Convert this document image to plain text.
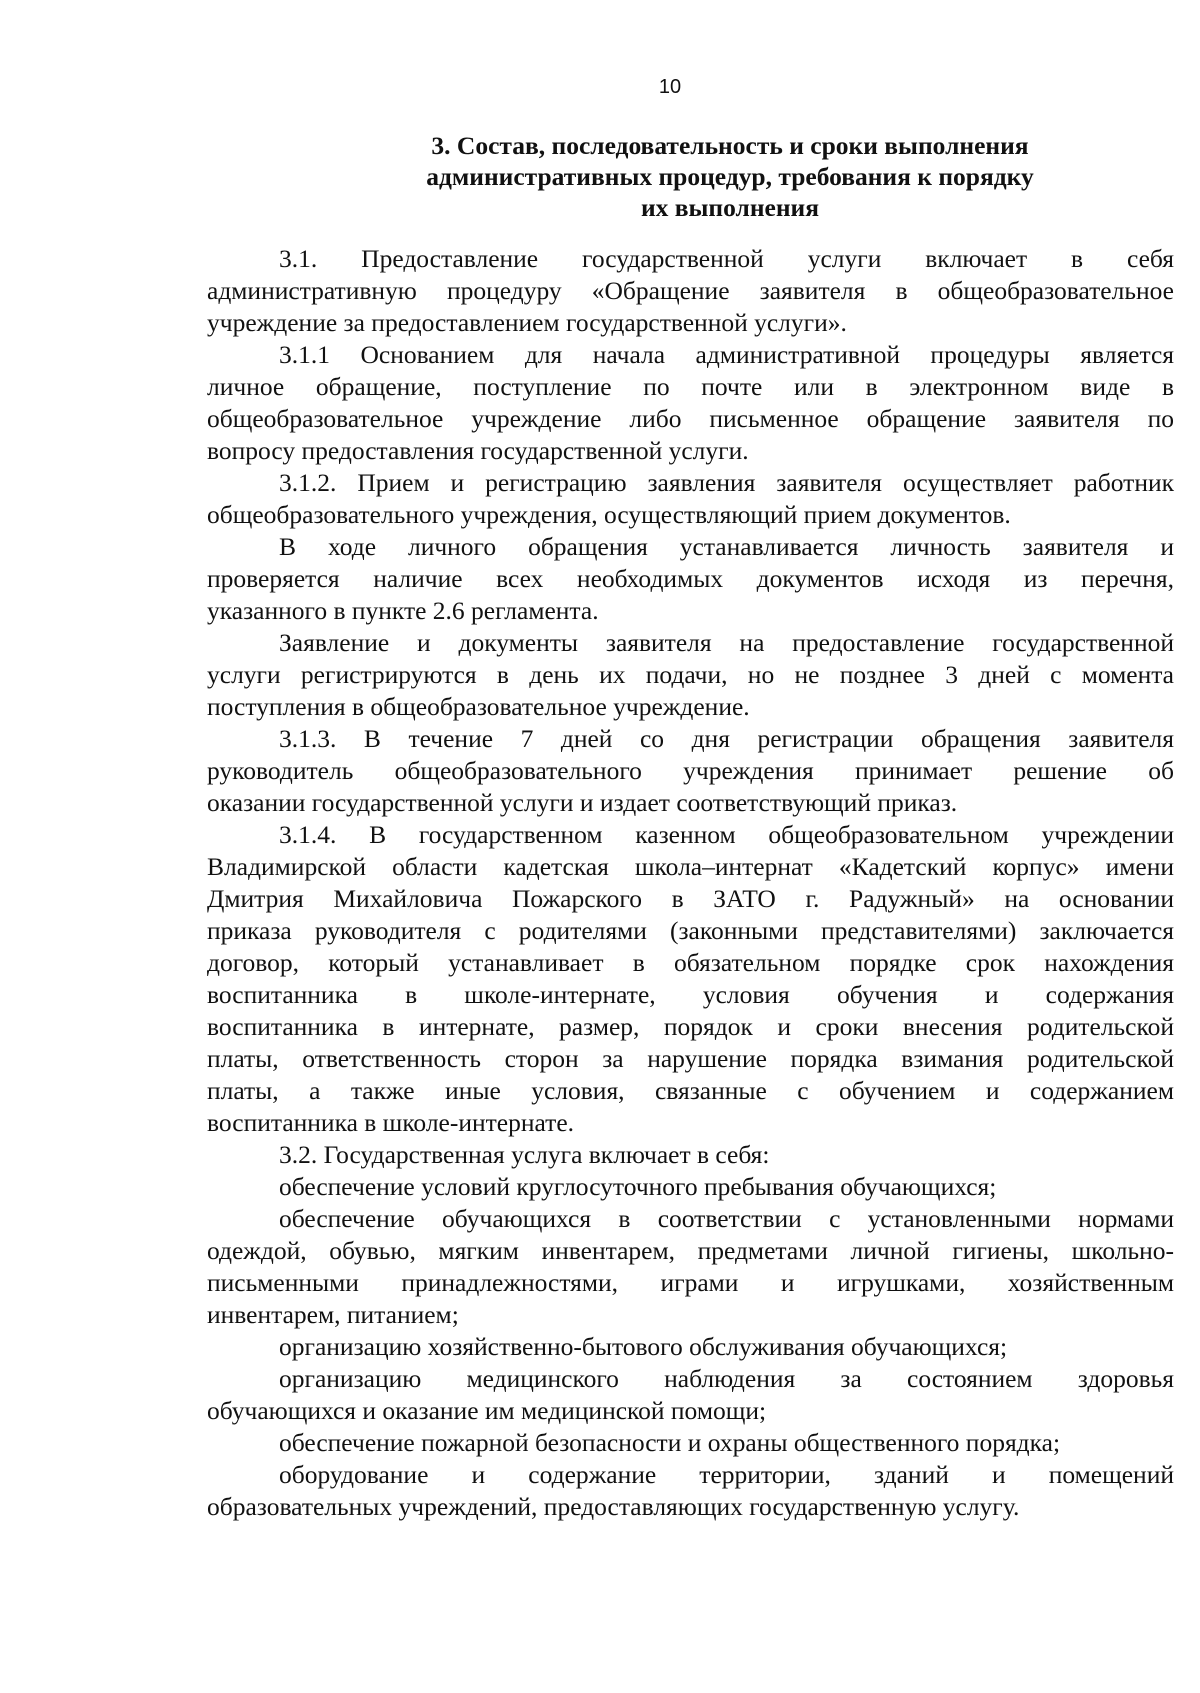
10
3. Состав, последовательность и сроки выполнения
административных процедур, требования к порядку
их выполнения
3.1. Предоставление государственной услуги включает в себя
административную процедуру «Обращение заявителя в общеобразовательное
учреждение за предоставлением государственной услуги».
3.1.1 Основанием для начала административной процедуры является
личное обращение, поступление по почте или в электронном виде в
общеобразовательное учреждение либо письменное обращение заявителя по
вопросу предоставления государственной услуги.
3.1.2. Прием и регистрацию заявления заявителя осуществляет работник
общеобразовательного учреждения, осуществляющий прием документов.
В ходе личного обращения устанавливается личность заявителя и
проверяется наличие всех необходимых документов исходя из перечня,
указанного в пункте 2.6 регламента.
Заявление и документы заявителя на предоставление государственной
услуги регистрируются в день их подачи, но не позднее 3 дней с момента
поступления в общеобразовательное учреждение.
3.1.3. В течение 7 дней со дня регистрации обращения заявителя
руководитель общеобразовательного учреждения принимает решение об
оказании государственной услуги и издает соответствующий приказ.
3.1.4. В государственном казенном общеобразовательном учреждении
Владимирской области кадетская школа–интернат «Кадетский корпус» имени
Дмитрия Михайловича Пожарского в ЗАТО г. Радужный» на основании
приказа руководителя с родителями (законными представителями) заключается
договор, который устанавливает в обязательном порядке срок нахождения
воспитанника в школе-интернате, условия обучения и содержания
воспитанника в интернате, размер, порядок и сроки внесения родительской
платы, ответственность сторон за нарушение порядка взимания родительской
платы, а также иные условия, связанные с обучением и содержанием
воспитанника в школе-интернате.
3.2. Государственная услуга включает в себя:
обеспечение условий круглосуточного пребывания обучающихся;
обеспечение обучающихся в соответствии с установленными нормами
одеждой, обувью, мягким инвентарем, предметами личной гигиены, школьно-
письменными принадлежностями, играми и игрушками, хозяйственным
инвентарем, питанием;
организацию хозяйственно-бытового обслуживания обучающихся;
организацию медицинского наблюдения за состоянием здоровья
обучающихся и оказание им медицинской помощи;
обеспечение пожарной безопасности и охраны общественного порядка;
оборудование и содержание территории, зданий и помещений
образовательных учреждений, предоставляющих государственную услугу.
